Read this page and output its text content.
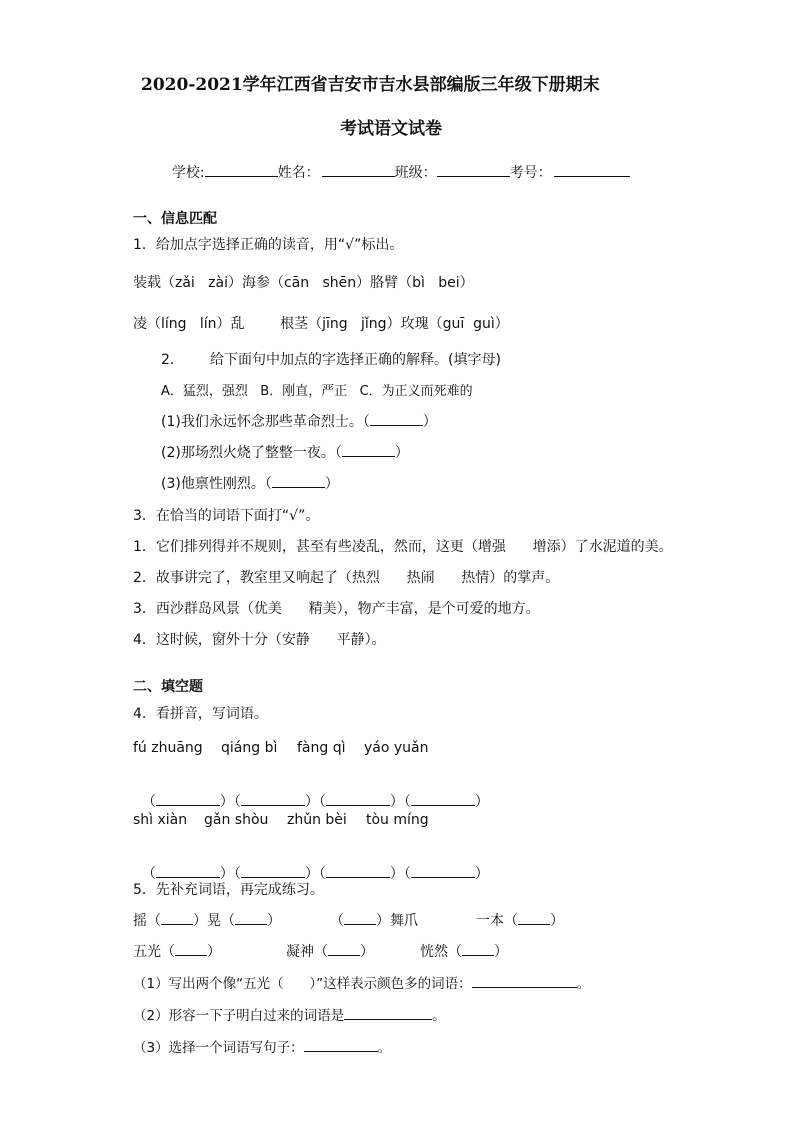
2020-2021学年江西省吉安市吉水县部编版三年级下册期末
考试语文试卷

学校:	姓名：	班级：	考号：

一、信息匹配
1．给加点字选择正确的读音，用“√”标出。
装载（zǎi   zài）海参（cān   shēn）胳臂（bì   bei）
凌（líng   lín）乱        根茎（jīng   jǐng）玫瑰（guī  guì）
2． 给下面句中加点的字选择正确的解释。(填字母)
A．猛烈，强烈   B．刚直，严正   C．为正义而死难的
(1)我们永远怀念那些革命烈士。（	）
(2)那场烈火烧了整整一夜。（	）
(3)他禀性刚烈。（	）
3．在恰当的词语下面打“√”。
1．它们排列得并不规则，甚至有些凌乱，然而，这更（增强      增添）了水泥道的美。
2．故事讲完了，教室里又响起了（热烈      热闹      热情）的掌声。
3．西沙群岛风景（优美      精美），物产丰富，是个可爱的地方。
4．这时候，窗外十分（安静      平静）。
二、填空题
4．看拼音，写词语。
fú zhuāng qiáng bì fàng qì yáo yuǎn

（	）（	）（	）（	）

shì xiàn gǎn shòu zhǔn bèi tòu míng

（	）（	）（	）（	）

5．先补充词语，再完成练习。
摇（ ）晃（ ）	（ ）舞爪	一本（ ）
五光（ ）	凝神（ ）	恍然（ ）
（1）写出两个像“五光（      ）”这样表示颜色多的词语：	。
（2）形容一下子明白过来的词语是	。
（3）选择一个词语写句子：	。
